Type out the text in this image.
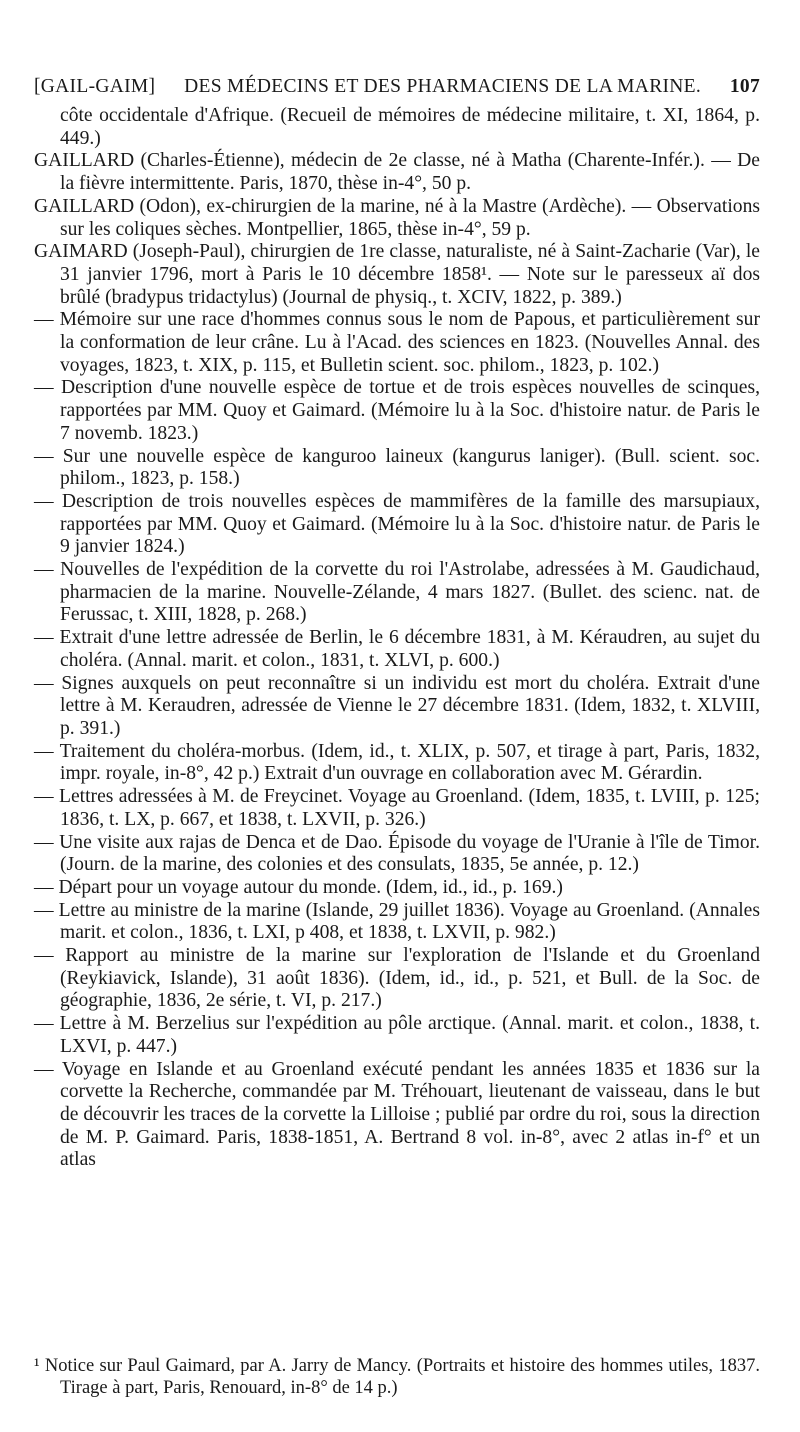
[GAIL-GAIM]	DES MÉDECINS ET DES PHARMACIENS DE LA MARINE.	107

côte occidentale d'Afrique. (Recueil de mémoires de médecine militaire, t. XI, 1864, p. 449.)

GAILLARD (Charles-Étienne), médecin de 2e classe, né à Matha (Charente-Infér.). — De la fièvre intermittente. Paris, 1870, thèse in-4°, 50 p.

GAILLARD (Odon), ex-chirurgien de la marine, né à la Mastre (Ardèche). — Observations sur les coliques sèches. Montpellier, 1865, thèse in-4°, 59 p.

GAIMARD (Joseph-Paul), chirurgien de 1re classe, naturaliste, né à Saint-Zacharie (Var), le 31 janvier 1796, mort à Paris le 10 décembre 1858¹. — Note sur le paresseux aï dos brûlé (bradypus tridactylus) (Journal de physiq., t. XCIV, 1822, p. 389.)

— Mémoire sur une race d'hommes connus sous le nom de Papous, et particulièrement sur la conformation de leur crâne. Lu à l'Acad. des sciences en 1823. (Nouvelles Annal. des voyages, 1823, t. XIX, p. 115, et Bulletin scient. soc. philom., 1823, p. 102.)

— Description d'une nouvelle espèce de tortue et de trois espèces nouvelles de scinques, rapportées par MM. Quoy et Gaimard. (Mémoire lu à la Soc. d'histoire natur. de Paris le 7 novemb. 1823.)

— Sur une nouvelle espèce de kanguroo laineux (kangurus laniger). (Bull. scient. soc. philom., 1823, p. 158.)

— Description de trois nouvelles espèces de mammifères de la famille des marsupiaux, rapportées par MM. Quoy et Gaimard. (Mémoire lu à la Soc. d'histoire natur. de Paris le 9 janvier 1824.)

— Nouvelles de l'expédition de la corvette du roi l'Astrolabe, adressées à M. Gaudichaud, pharmacien de la marine. Nouvelle-Zélande, 4 mars 1827. (Bullet. des scienc. nat. de Ferussac, t. XIII, 1828, p. 268.)

— Extrait d'une lettre adressée de Berlin, le 6 décembre 1831, à M. Kéraudren, au sujet du choléra. (Annal. marit. et colon., 1831, t. XLVI, p. 600.)

— Signes auxquels on peut reconnaître si un individu est mort du choléra. Extrait d'une lettre à M. Keraudren, adressée de Vienne le 27 décembre 1831. (Idem, 1832, t. XLVIII, p. 391.)

— Traitement du choléra-morbus. (Idem, id., t. XLIX, p. 507, et tirage à part, Paris, 1832, impr. royale, in-8°, 42 p.) Extrait d'un ouvrage en collaboration avec M. Gérardin.

— Lettres adressées à M. de Freycinet. Voyage au Groenland. (Idem, 1835, t. LVIII, p. 125; 1836, t. LX, p. 667, et 1838, t. LXVII, p. 326.)

— Une visite aux rajas de Denca et de Dao. Épisode du voyage de l'Uranie à l'île de Timor. (Journ. de la marine, des colonies et des consulats, 1835, 5e année, p. 12.)

— Départ pour un voyage autour du monde. (Idem, id., id., p. 169.)

— Lettre au ministre de la marine (Islande, 29 juillet 1836). Voyage au Groenland. (Annales marit. et colon., 1836, t. LXI, p 408, et 1838, t. LXVII, p. 982.)

— Rapport au ministre de la marine sur l'exploration de l'Islande et du Groenland (Reykiavick, Islande), 31 août 1836). (Idem, id., id., p. 521, et Bull. de la Soc. de géographie, 1836, 2e série, t. VI, p. 217.)

— Lettre à M. Berzelius sur l'expédition au pôle arctique. (Annal. marit. et colon., 1838, t. LXVI, p. 447.)

— Voyage en Islande et au Groenland exécuté pendant les années 1835 et 1836 sur la corvette la Recherche, commandée par M. Tréhouart, lieutenant de vaisseau, dans le but de découvrir les traces de la corvette la Lilloise ; publié par ordre du roi, sous la direction de M. P. Gaimard. Paris, 1838-1851, A. Bertrand 8 vol. in-8°, avec 2 atlas in-f° et un atlas

¹ Notice sur Paul Gaimard, par A. Jarry de Mancy. (Portraits et histoire des hommes utiles, 1837. Tirage à part, Paris, Renouard, in-8° de 14 p.)
